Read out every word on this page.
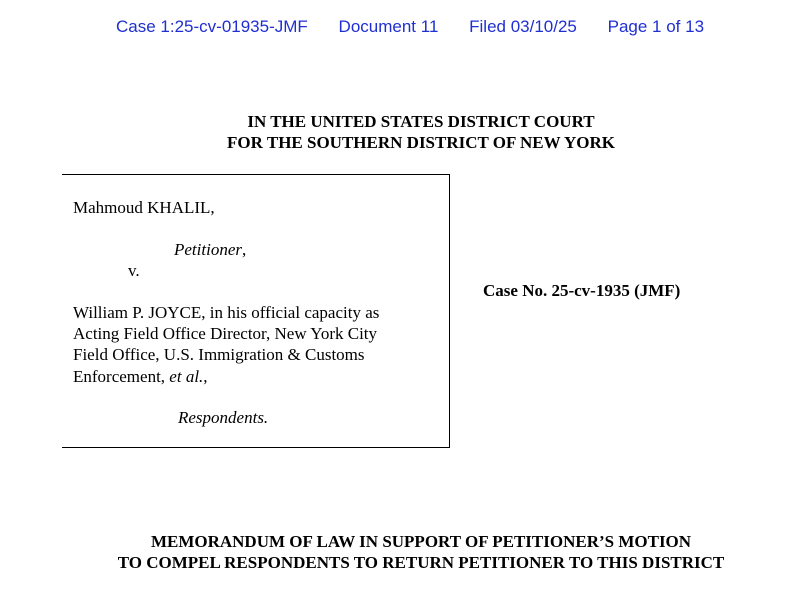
Case 1:25-cv-01935-JMF Document 11 Filed 03/10/25 Page 1 of 13
IN THE UNITED STATES DISTRICT COURT
FOR THE SOUTHERN DISTRICT OF NEW YORK
Mahmoud KHALIL,
Petitioner,
v.
William P. JOYCE, in his official capacity as
Acting Field Office Director, New York City
Field Office, U.S. Immigration & Customs
Enforcement, et al.,
Respondents.
Case No. 25-cv-1935 (JMF)
MEMORANDUM OF LAW IN SUPPORT OF PETITIONER’S MOTION
TO COMPEL RESPONDENTS TO RETURN PETITIONER TO THIS DISTRICT
